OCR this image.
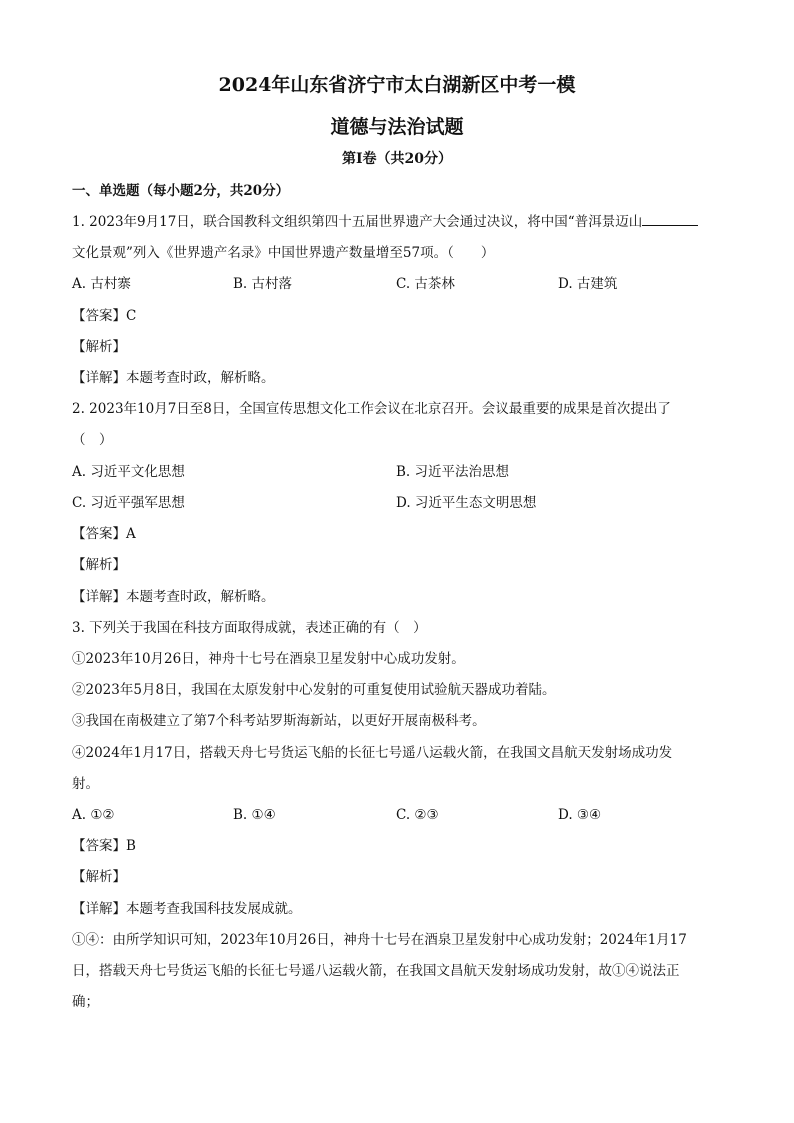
2024年山东省济宁市太白湖新区中考一模
道德与法治试题
第I卷（共20分）
一、单选题（每小题2分，共20分）
1. 2023年9月17日，联合国教科文组织第四十五届世界遗产大会通过决议，将中国“普洱景迈山
文化景观”列入《世界遗产名录》中国世界遗产数量增至57项。（　　）
A. 古村寨	B. 古村落	C. 古茶林	D. 古建筑
【答案】C
【解析】
【详解】本题考查时政，解析略。
2. 2023年10月7日至8日，全国宣传思想文化工作会议在北京召开。会议最重要的成果是首次提出了
（　）
A. 习近平文化思想	B. 习近平法治思想
C. 习近平强军思想	D. 习近平生态文明思想
【答案】A
【解析】
【详解】本题考查时政，解析略。
3. 下列关于我国在科技方面取得成就，表述正确的有（　）
①2023年10月26日，神舟十七号在酒泉卫星发射中心成功发射。
②2023年5月8日，我国在太原发射中心发射的可重复使用试验航天器成功着陆。
③我国在南极建立了第7个科考站罗斯海新站，以更好开展南极科考。
④2024年1月17日，搭载天舟七号货运飞船的长征七号遥八运载火箭，在我国文昌航天发射场成功发
射。
A. ①②	B. ①④	C. ②③	D. ③④
【答案】B
【解析】
【详解】本题考查我国科技发展成就。
①④：由所学知识可知，2023年10月26日，神舟十七号在酒泉卫星发射中心成功发射；2024年1月17
日，搭载天舟七号货运飞船的长征七号遥八运载火箭，在我国文昌航天发射场成功发射，故①④说法正
确；
